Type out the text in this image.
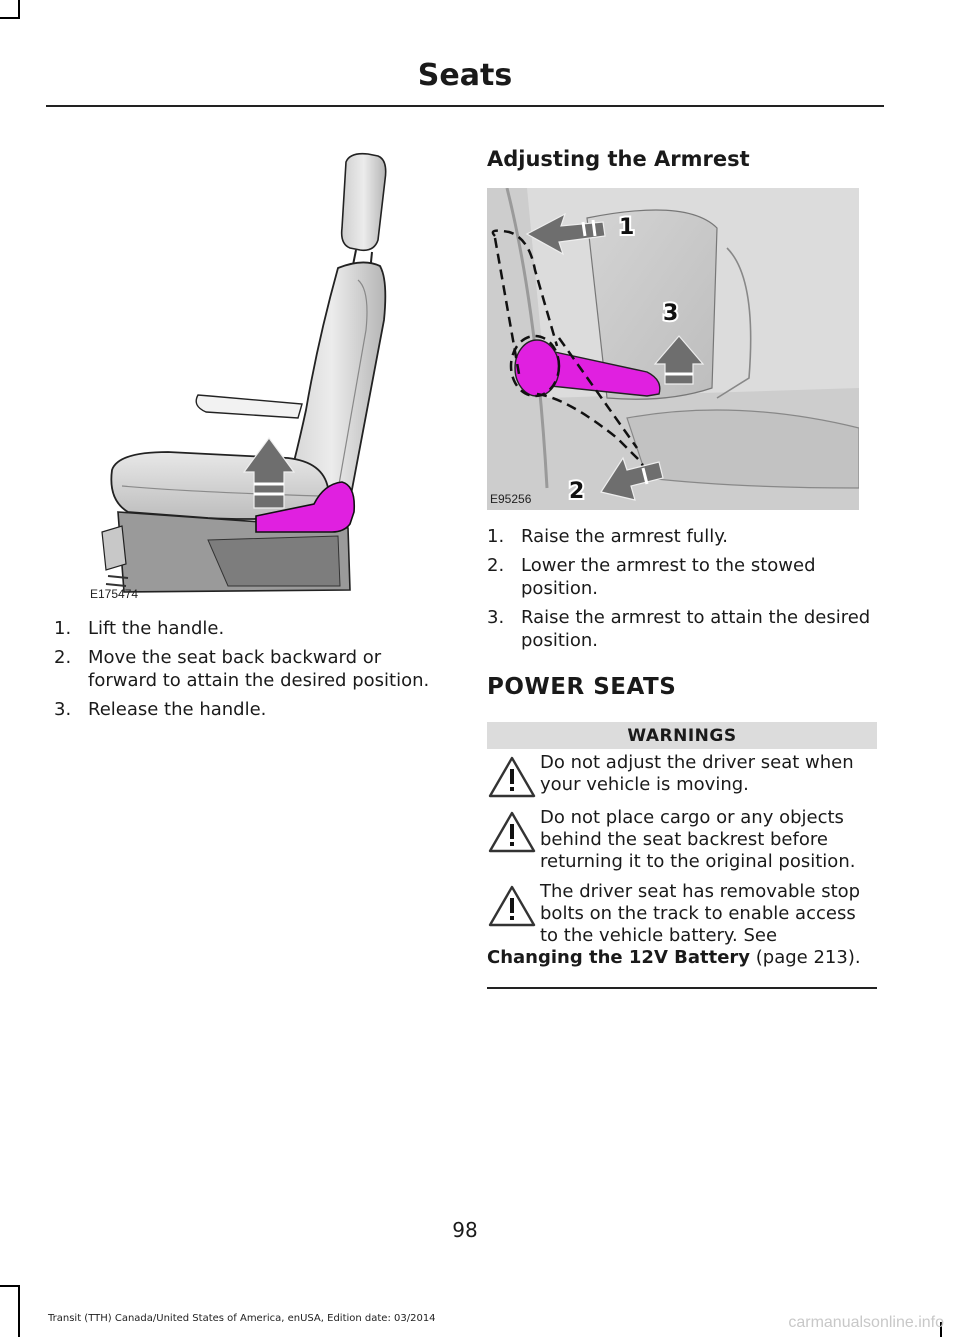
Seats
E175474
1. Lift the handle.
2. Move the seat back backward or forward to attain the desired position.
3. Release the handle.
Adjusting the Armrest
1
3
2
E95256
1. Raise the armrest fully.
2. Lower the armrest to the stowed position.
3. Raise the armrest to attain the desired position.
POWER SEATS
WARNINGS
Do not adjust the driver seat when your vehicle is moving.
Do not place cargo or any objects behind the seat backrest before returning it to the original position.
The driver seat has removable stop bolts on the track to enable access to the vehicle battery. See
Changing the 12V Battery (page 213).
98
Transit (TTH) Canada/United States of America, enUSA, Edition date: 03/2014	carmanualsonline.info
